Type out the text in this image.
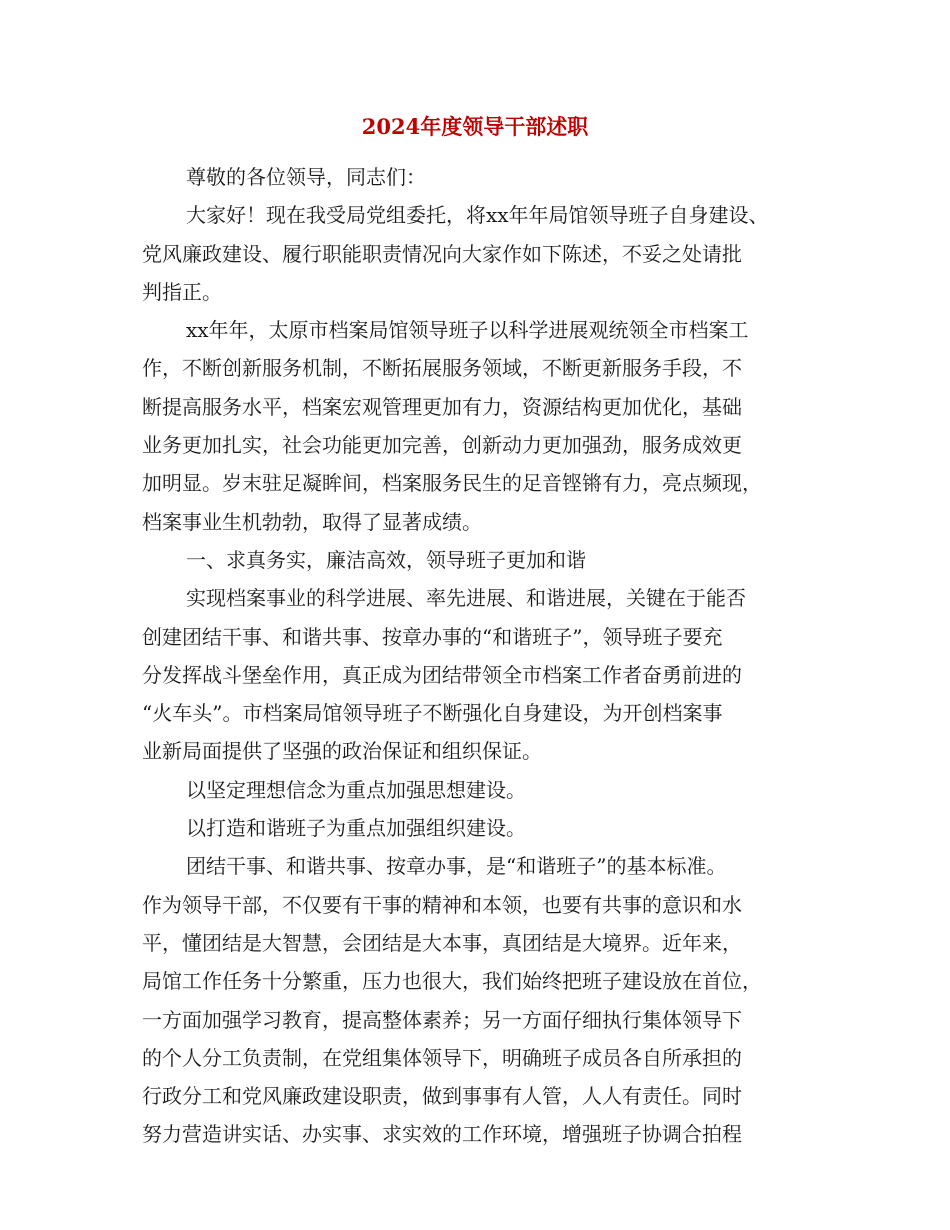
2024年度领导干部述职
尊敬的各位领导，同志们：
大家好！现在我受局党组委托，将xx年年局馆领导班子自身建设、
党风廉政建设、履行职能职责情况向大家作如下陈述，不妥之处请批
判指正。
xx年年，太原市档案局馆领导班子以科学进展观统领全市档案工
作，不断创新服务机制，不断拓展服务领域，不断更新服务手段，不
断提高服务水平，档案宏观管理更加有力，资源结构更加优化，基础
业务更加扎实，社会功能更加完善，创新动力更加强劲，服务成效更
加明显。岁末驻足凝眸间，档案服务民生的足音铿锵有力，亮点频现，
档案事业生机勃勃，取得了显著成绩。
一、求真务实，廉洁高效，领导班子更加和谐
实现档案事业的科学进展、率先进展、和谐进展，关键在于能否
创建团结干事、和谐共事、按章办事的“和谐班子”，领导班子要充
分发挥战斗堡垒作用，真正成为团结带领全市档案工作者奋勇前进的
“火车头”。市档案局馆领导班子不断强化自身建设，为开创档案事
业新局面提供了坚强的政治保证和组织保证。
以坚定理想信念为重点加强思想建设。
以打造和谐班子为重点加强组织建设。
团结干事、和谐共事、按章办事，是“和谐班子”的基本标准。
作为领导干部，不仅要有干事的精神和本领，也要有共事的意识和水
平，懂团结是大智慧，会团结是大本事，真团结是大境界。近年来，
局馆工作任务十分繁重，压力也很大，我们始终把班子建设放在首位，
一方面加强学习教育，提高整体素养；另一方面仔细执行集体领导下
的个人分工负责制，在党组集体领导下，明确班子成员各自所承担的
行政分工和党风廉政建设职责，做到事事有人管，人人有责任。同时
努力营造讲实话、办实事、求实效的工作环境，增强班子协调合拍程
